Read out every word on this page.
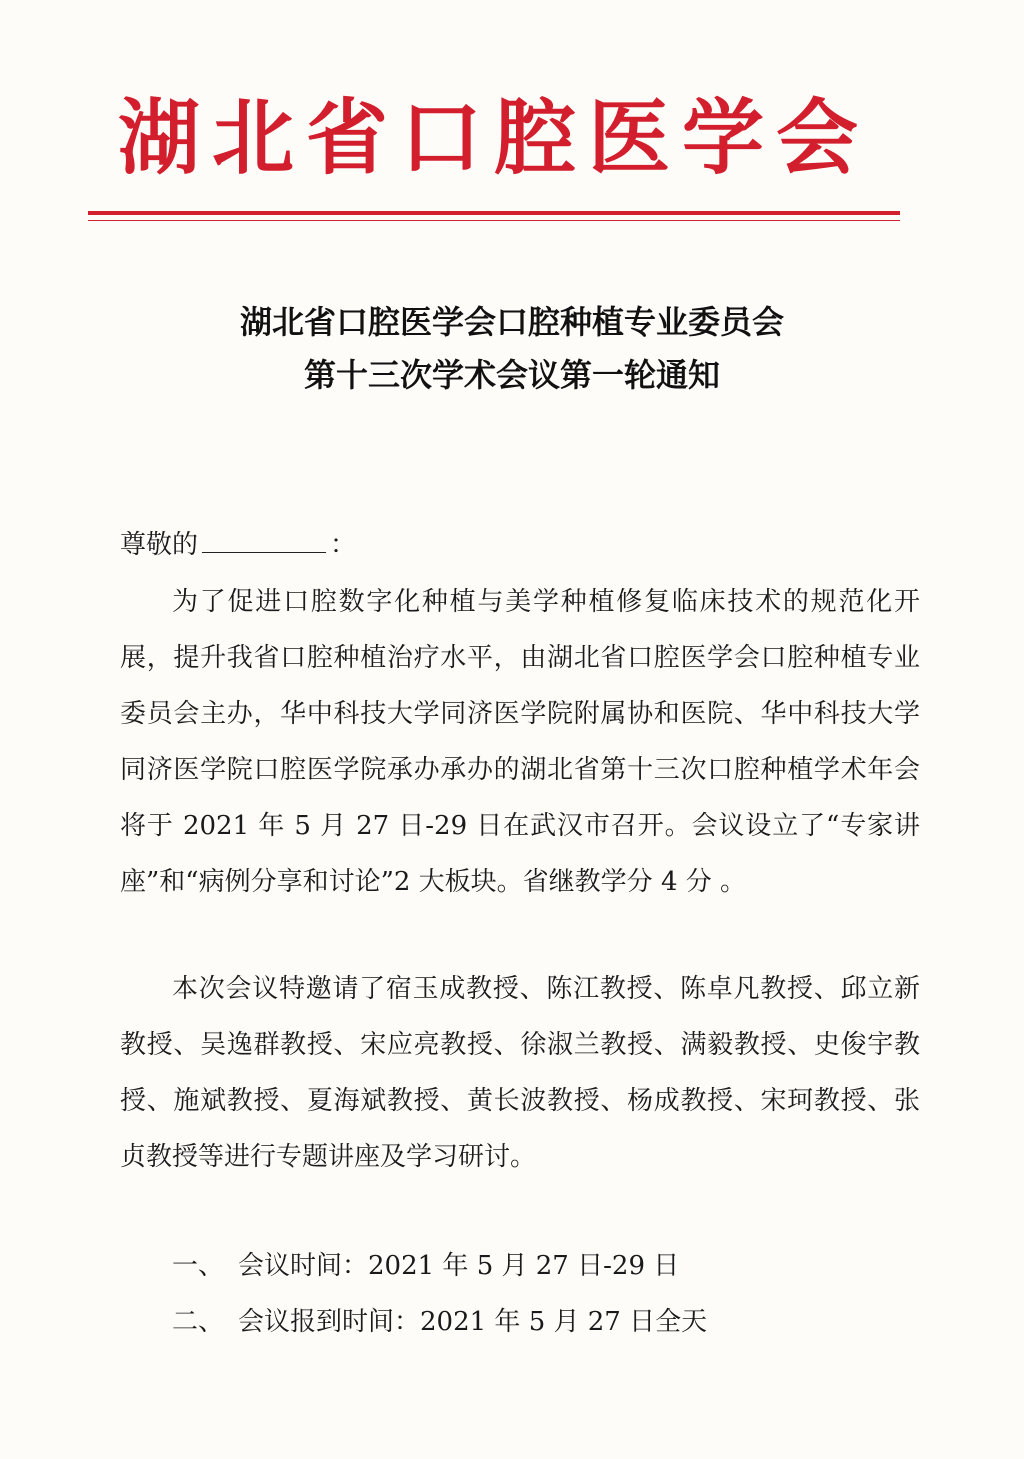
湖北省口腔医学会
湖北省口腔医学会口腔种植专业委员会
第十三次学术会议第一轮通知
尊敬的	：

为了促进口腔数字化种植与美学种植修复临床技术的规范化开展，提升我省口腔种植治疗水平，由湖北省口腔医学会口腔种植专业委员会主办，华中科技大学同济医学院附属协和医院、华中科技大学同济医学院口腔医学院承办承办的湖北省第十三次口腔种植学术年会将于 2021 年 5 月 27 日-29 日在武汉市召开。会议设立了“专家讲座”和“病例分享和讨论”2 大板块。省继教学分 4 分 。

本次会议特邀请了宿玉成教授、陈江教授、陈卓凡教授、邱立新教授、吴逸群教授、宋应亮教授、徐淑兰教授、满毅教授、史俊宇教授、施斌教授、夏海斌教授、黄长波教授、杨成教授、宋珂教授、张贞教授等进行专题讲座及学习研讨。

一、 会议时间：2021 年 5 月 27 日-29 日
二、 会议报到时间：2021 年 5 月 27 日全天
